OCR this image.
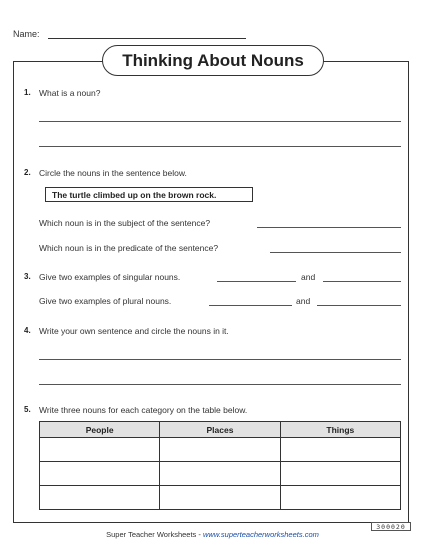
Name:
Thinking About Nouns
1. What is a noun?
2. Circle the nouns in the sentence below.
The turtle climbed up on the brown rock.
Which noun is in the subject of the sentence?
Which noun is in the predicate of the sentence?
3. Give two examples of singular nouns.	and
Give two examples of plural nouns.	and
4. Write your own sentence and circle the nouns in it.
5. Write three nouns for each category on the table below.
People	Places	Things

Super Teacher Worksheets - www.superteacherworksheets.com
300020
